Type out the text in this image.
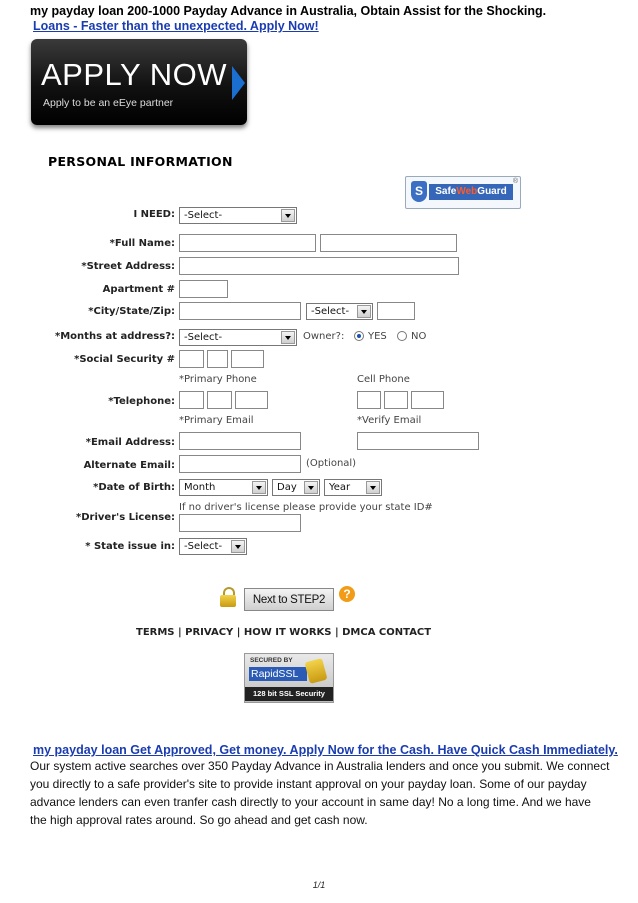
my payday loan 200-1000 Payday Advance in Australia, Obtain Assist for the Shocking.
Loans - Faster than the unexpected. Apply Now!
APPLY NOW
Apply to be an eEye partner
PERSONAL INFORMATION
S	SafeWebGuard
®
I NEED: -Select-
*Full Name:
*Street Address:
Apartment #
*City/State/Zip:	-Select-
*Months at address?: -Select-	Owner?: YES NO
*Social Security #
*Primary Phone	Cell Phone
*Telephone:
*Primary Email	*Verify Email
*Email Address:
Alternate Email:	(Optional)
*Date of Birth: Month	Day	Year
If no driver's license please provide your state ID#
*Driver's License:
* State issue in: -Select-
Next to STEP2	?
TERMS | PRIVACY | HOW IT WORKS | DMCA CONTACT
SECURED BY
RapidSSL
128 bit SSL Security
my payday loan Get Approved, Get money. Apply Now for the Cash. Have Quick Cash Immediately.
Our system active searches over 350 Payday Advance in Australia lenders and once you submit. We connect you directly to a safe provider's site to provide instant approval on your payday loan. Some of our payday advance lenders can even tranfer cash directly to your account in same day! No a long time. And we have the high approval rates around. So go ahead and get cash now.
1/1
